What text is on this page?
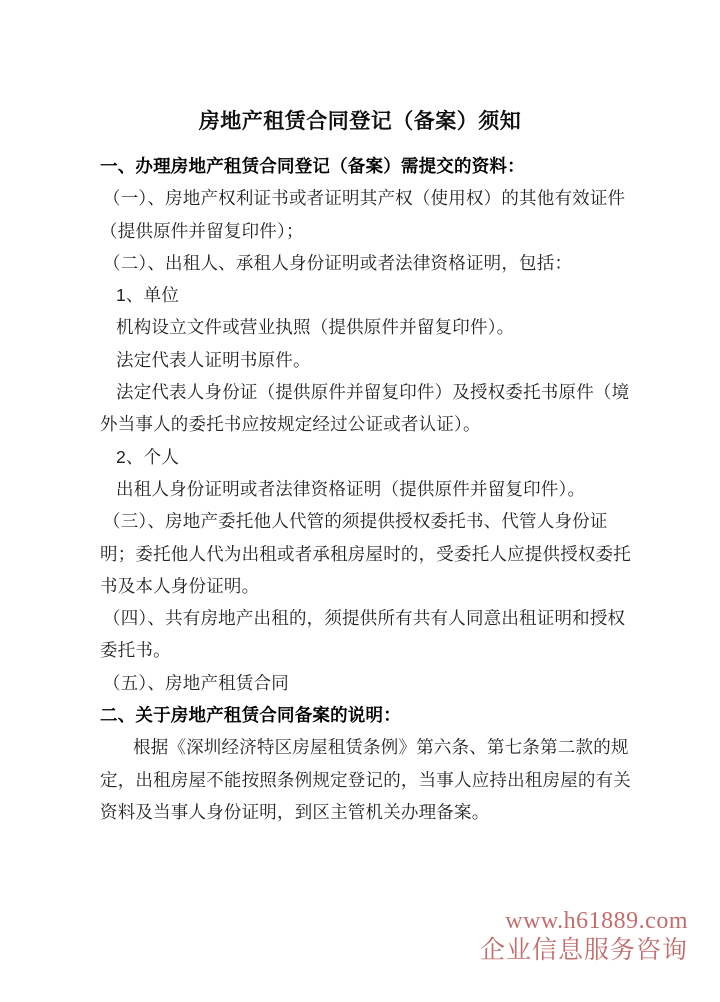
房地产租赁合同登记（备案）须知

一、办理房地产租赁合同登记（备案）需提交的资料：

（一）、房地产权利证书或者证明其产权（使用权）的其他有效证件（提供原件并留复印件）；

（二）、出租人、承租人身份证明或者法律资格证明，包括：

1、单位

机构设立文件或营业执照（提供原件并留复印件）。

法定代表人证明书原件。

法定代表人身份证（提供原件并留复印件）及授权委托书原件（境外当事人的委托书应按规定经过公证或者认证）。

2、个人

出租人身份证明或者法律资格证明（提供原件并留复印件）。

（三）、房地产委托他人代管的须提供授权委托书、代管人身份证明；委托他人代为出租或者承租房屋时的，受委托人应提供授权委托书及本人身份证明。

（四）、共有房地产出租的，须提供所有共有人同意出租证明和授权委托书。

（五）、房地产租赁合同

二、关于房地产租赁合同备案的说明：

根据《深圳经济特区房屋租赁条例》第六条、第七条第二款的规定，出租房屋不能按照条例规定登记的，当事人应持出租房屋的有关资料及当事人身份证明，到区主管机关办理备案。

www.h61889.com
企业信息服务咨询
